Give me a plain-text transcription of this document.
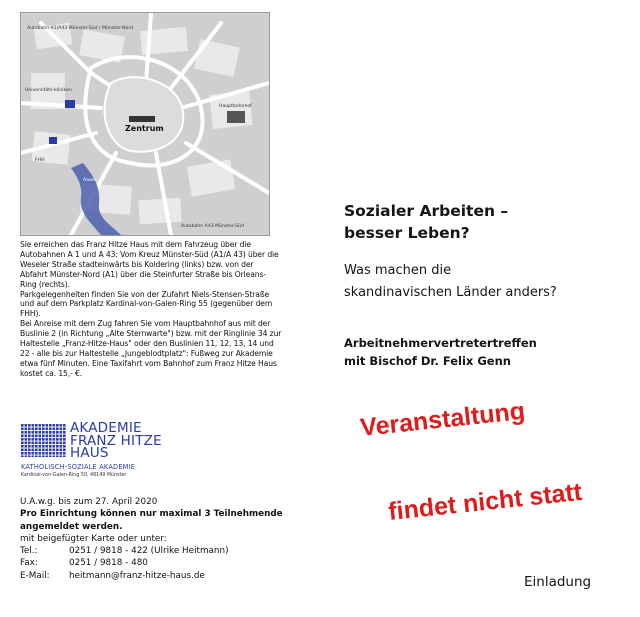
Autobahn A1/A43 Münster-Süd / Münster-Nord
Zentrum
Universitäts-kliniken
Hauptbahnhof
Aasee
FHH
Autobahn A43 Münster-Süd

Sie erreichen das Franz Hitze Haus mit dem Fahrzeug über die Autobahnen A 1 und A 43: Vom Kreuz Münster-Süd (A1/A 43) über die Weseler Straße stadteinwärts bis Koldering (links) bzw. von der Abfahrt Münster-Nord (A1) über die Steinfurter Straße bis Orleans-Ring (rechts).

Parkgelegenheiten finden Sie von der Zufahrt Niels-Stensen-Straße und auf dem Parkplatz Kardinal-von-Galen-Ring 55 (gegenüber dem FHH).

Bei Anreise mit dem Zug fahren Sie vom Hauptbahnhof aus mit der Buslinie 2 (in Richtung „Alte Sternwarte") bzw. mit der Ringlinie 34 zur Haltestelle „Franz-Hitze-Haus" oder den Buslinien 11, 12, 13, 14 und 22 - alle bis zur Haltestelle „Jungeblodtplatz": Fußweg zur Akademie etwa fünf Minuten. Eine Taxifahrt vom Bahnhof zum Franz Hitze Haus kostet ca. 15,- €.

AKADEMIE
FRANZ HITZE
HAUS
KATHOLISCH-SOZIALE AKADEMIE
Kardinal-von-Galen-Ring 50, 48149 Münster
U.A.w.g. bis zum 27. April 2020
Pro Einrichtung können nur maximal 3 Teilnehmende angemeldet werden.
mit beigefügter Karte oder unter:
Tel.:	0251 / 9818 - 422 (Ulrike Heitmann)
Fax:	0251 / 9818 - 480
E-Mail:	heitmann@franz-hitze-haus.de
Sozialer Arbeiten –
besser Leben?
Was machen die
skandinavischen Länder anders?
Arbeitnehmervertretertreffen
mit Bischof Dr. Felix Genn
Veranstaltung
findet nicht statt
Einladung
